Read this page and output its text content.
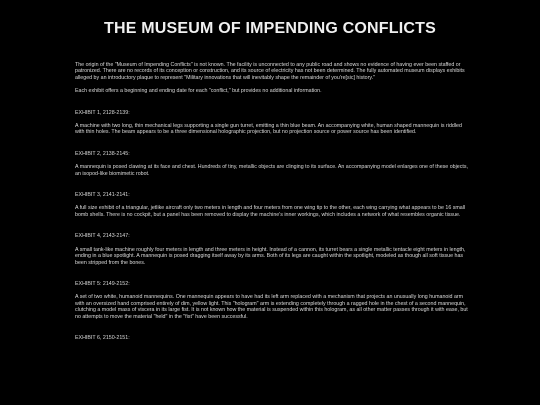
THE MUSEUM OF IMPENDING CONFLICTS

The origin of the "Museum of Impending Conflicts" is not known. The facility is unconnected to any public road and shows no evidence of having ever been staffed or patronized. There are no records of its conception or construction, and its source of electricity has not been determined. The fully automated museum displays exhibits alleged by an introductory plaque to represent "Military innovations that will inevitably shape the remainder of you're[sic] history."

Each exhibit offers a beginning and ending date for each "conflict," but provides no additional information.

EXHIBIT 1, 2128-2139:

A machine with two long, thin mechanical legs supporting a single gun turret, emitting a thin blue beam. An accompanying white, human shaped mannequin is riddled with thin holes. The beam appears to be a three dimensional holographic projection, but no projection source or power source has been identified.

EXHIBIT 2, 2138-2145:

A mannequin is posed clawing at its face and chest. Hundreds of tiny, metallic objects are clinging to its surface. An accompanying model enlarges one of these objects, an isopod-like biomimetic robot.

EXHIBIT 3, 2141-2141:

A full size exhibit of a triangular, jetlike aircraft only two meters in length and four meters from one wing tip to the other, each wing carrying what appears to be 16 small bomb shells. There is no cockpit, but a panel has been removed to display the machine's inner workings, which includes a network of what resembles organic tissue.

EXHIBIT 4, 2143-2147:

A small tank-like machine roughly four meters in length and three meters in height. Instead of a cannon, its turret bears a single metallic tentacle eight meters in length, ending in a blue spotlight. A mannequin is posed dragging itself away by its arms. Both of its legs are caught within the spotlight, modeled as though all soft tissue has been stripped from the bones.

EXHIBIT 5: 2149-2152:

A set of two white, humanoid mannequins. One mannequin appears to have had its left arm replaced with a mechanism that projects an unusually long humanoid arm with an oversized hand comprised entirely of dim, yellow light. This "hologram" arm is extending completely through a ragged hole in the chest of a second mannequin, clutching a model mass of viscera in its large fist. It is not known how the material is suspended within this hologram, as all other matter passes through it with ease, but no attempts to move the material "held" in the "fist" have been successful.

EXHIBIT 6, 2150-2151:
